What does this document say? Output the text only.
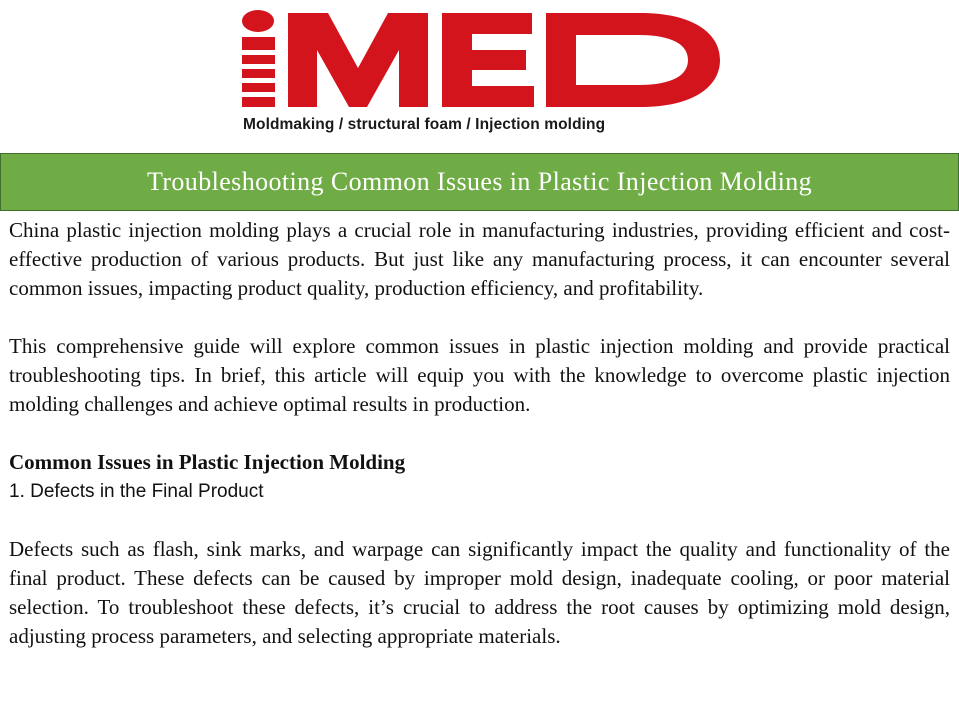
Moldmaking / structural foam / Injection molding
Troubleshooting Common Issues in Plastic Injection Molding

China plastic injection molding plays a crucial role in manufacturing industries, providing efficient and cost-effective production of various products. But just like any manufacturing process, it can encounter several common issues, impacting product quality, production efficiency, and profitability.

This comprehensive guide will explore common issues in plastic injection molding and provide practical troubleshooting tips. In brief, this article will equip you with the knowledge to overcome plastic injection molding challenges and achieve optimal results in production.

Common Issues in Plastic Injection Molding

1. Defects in the Final Product

Defects such as flash, sink marks, and warpage can significantly impact the quality and functionality of the final product. These defects can be caused by improper mold design, inadequate cooling, or poor material selection. To troubleshoot these defects, it’s crucial to address the root causes by optimizing mold design, adjusting process parameters, and selecting appropriate materials.
